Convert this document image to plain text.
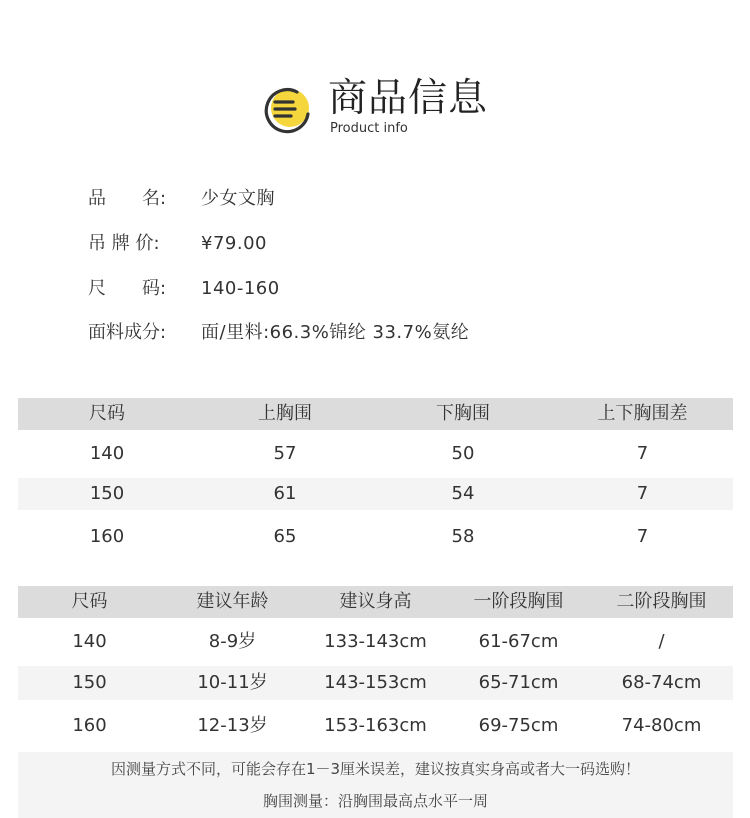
商品信息
Product info
品　　名:	少女文胸
吊 牌 价:	¥79.00
尺　　码:	140-160
面料成分:	面/里料:66.3%锦纶 33.7%氨纶
尺码	上胸围	下胸围	上下胸围差
140	57	50	7
150	61	54	7
160	65	58	7
尺码	建议年龄	建议身高	一阶段胸围	二阶段胸围
140	8-9岁	133-143cm	61-67cm	/
150	10-11岁	143-153cm	65-71cm	68-74cm
160	12-13岁	153-163cm	69-75cm	74-80cm
因测量方式不同，可能会存在1－3厘米误差，建议按真实身高或者大一码选购！
胸围测量：沿胸围最高点水平一周
